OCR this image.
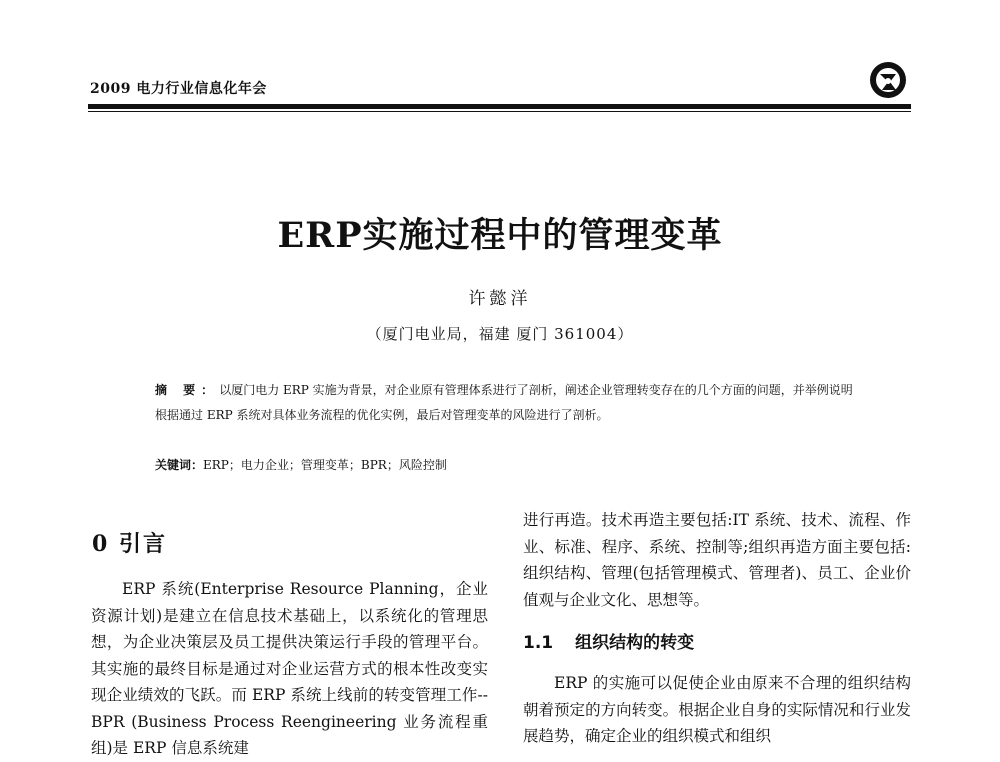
2009 电力行业信息化年会
ERP实施过程中的管理变革
许懿洋
（厦门电业局，福建 厦门 361004）
摘 要：以厦门电力 ERP 实施为背景，对企业原有管理体系进行了剖析，阐述企业管理转变存在的几个方面的问题，并举例说明根据通过 ERP 系统对具体业务流程的优化实例，最后对管理变革的风险进行了剖析。
关键词：ERP；电力企业；管理变革；BPR；风险控制
0 引言

ERP 系统(Enterprise Resource Planning，企业资源计划)是建立在信息技术基础上，以系统化的管理思想，为企业决策层及员工提供决策运行手段的管理平台。其实施的最终目标是通过对企业运营方式的根本性改变实现企业绩效的飞跃。而 ERP 系统上线前的转变管理工作--BPR (Business Process Reengineering 业务流程重组)是 ERP 信息系统建

进行再造。技术再造主要包括:IT 系统、技术、流程、作业、标准、程序、系统、控制等;组织再造方面主要包括:组织结构、管理(包括管理模式、管理者)、员工、企业价值观与企业文化、思想等。

1.1 组织结构的转变

ERP 的实施可以促使企业由原来不合理的组织结构朝着预定的方向转变。根据企业自身的实际情况和行业发展趋势，确定企业的组织模式和组织
